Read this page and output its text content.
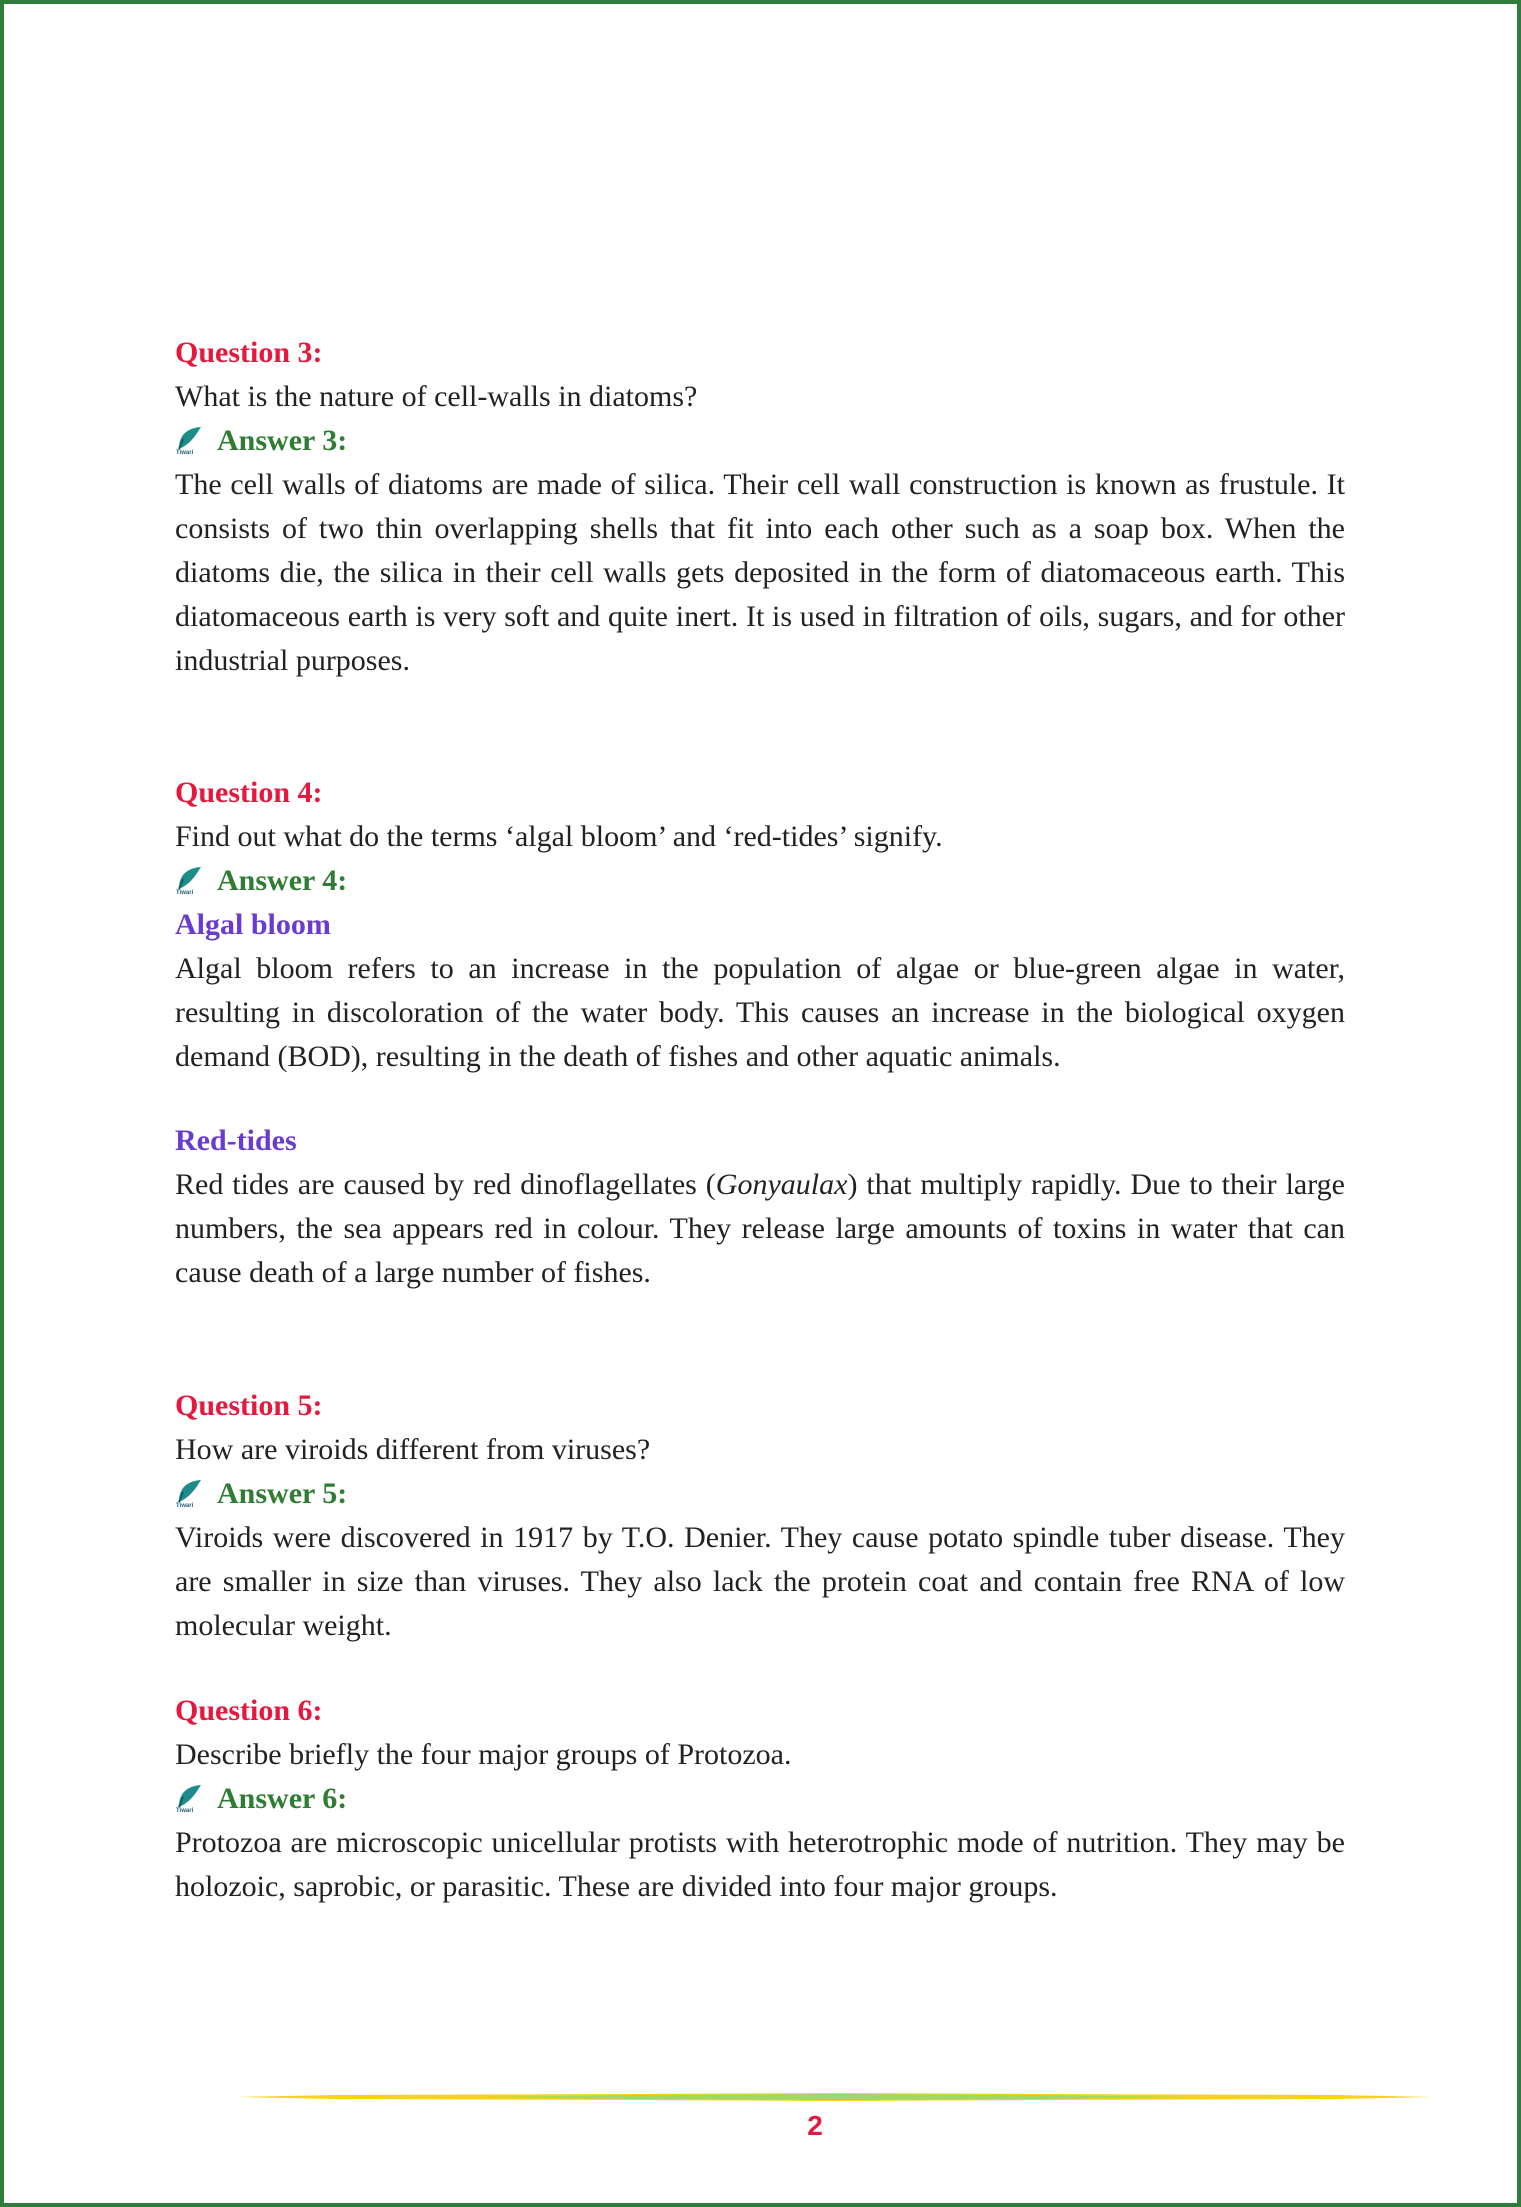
Question 3:
What is the nature of cell-walls in diatoms?
Tiwari Answer 3:
The cell walls of diatoms are made of silica. Their cell wall construction is known as frustule. It consists of two thin overlapping shells that fit into each other such as a soap box. When the diatoms die, the silica in their cell walls gets deposited in the form of diatomaceous earth. This diatomaceous earth is very soft and quite inert. It is used in filtration of oils, sugars, and for other industrial purposes.
Question 4:
Find out what do the terms ‘algal bloom’ and ‘red-tides’ signify.
Tiwari Answer 4:
Algal bloom
Algal bloom refers to an increase in the population of algae or blue-green algae in water, resulting in discoloration of the water body. This causes an increase in the biological oxygen demand (BOD), resulting in the death of fishes and other aquatic animals.
Red-tides
Red tides are caused by red dinoflagellates (Gonyaulax) that multiply rapidly. Due to their large numbers, the sea appears red in colour. They release large amounts of toxins in water that can cause death of a large number of fishes.
Question 5:
How are viroids different from viruses?
Tiwari Answer 5:
Viroids were discovered in 1917 by T.O. Denier. They cause potato spindle tuber disease. They are smaller in size than viruses. They also lack the protein coat and contain free RNA of low molecular weight.
Question 6:
Describe briefly the four major groups of Protozoa.
Tiwari Answer 6:
Protozoa are microscopic unicellular protists with heterotrophic mode of nutrition. They may be holozoic, saprobic, or parasitic. These are divided into four major groups.
2
